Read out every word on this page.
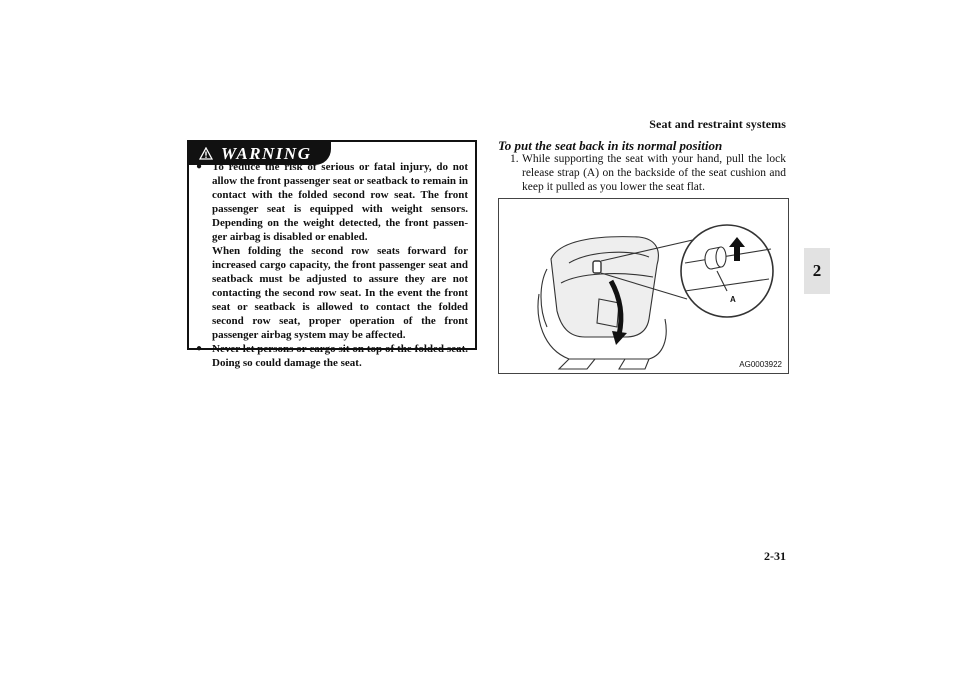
Seat and restraint systems
2
WARNING
● To reduce the risk of serious or fatal injury, do not allow the front passenger seat or seatback to remain in contact with the folded second row seat. The front passenger seat is equipped with weight sensors. Depending on the weight detected, the front passen-ger airbag is disabled or enabled.
When folding the second row seats forward for increased cargo capacity, the front passenger seat and seatback must be adjusted to assure they are not contacting the second row seat. In the event the front seat or seatback is allowed to contact the folded second row seat, proper operation of the front passenger airbag system may be affected.
● Never let persons or cargo sit on top of the folded seat. Doing so could damage the seat.
To put the seat back in its normal position
1. While supporting the seat with your hand, pull the lock release strap (A) on the backside of the seat cushion and keep it pulled as you lower the seat flat.
A
AG0003922
2-31
